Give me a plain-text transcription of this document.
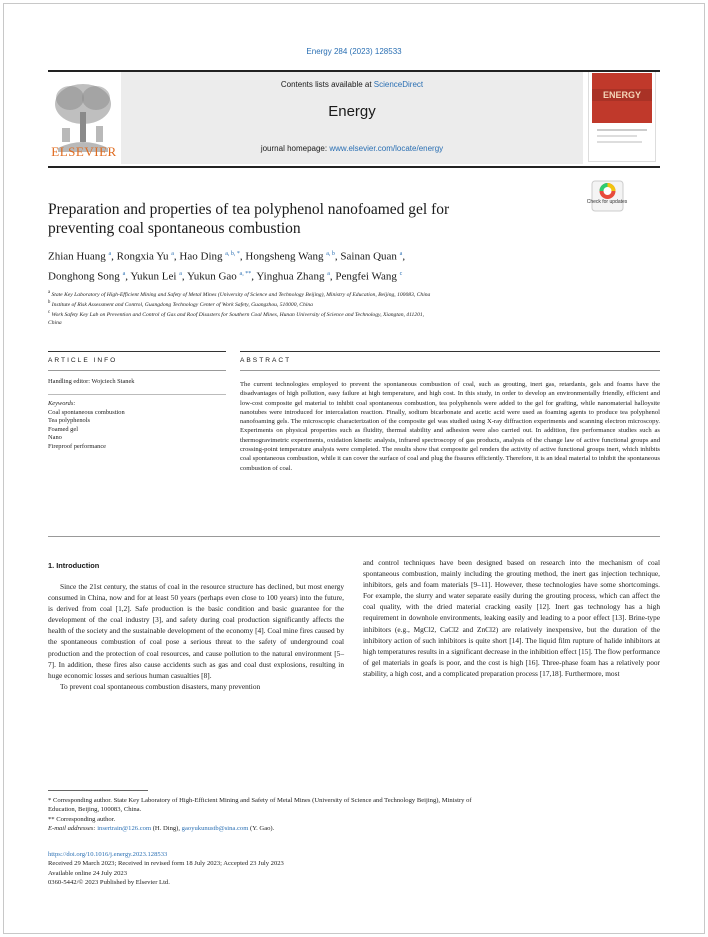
Energy 284 (2023) 128533
ELSEVIER
Contents lists available at ScienceDirect
Energy
journal homepage: www.elsevier.com/locate/energy
ENERGY
Check for updates
Preparation and properties of tea polyphenol nanofoamed gel for
preventing coal spontaneous combustion
Zhian Huang $^a$, Rongxia Yu $^a$, Hao Ding $^{a, b, *}$, Hongsheng Wang $^{a, b}$, Sainan Quan $^a$,
Donghong Song $^a$, Yukun Lei $^a$, Yukun Gao $^{a, **}$, Yinghua Zhang $^a$, Pengfei Wang $^c$
$^a$ State Key Laboratory of High-Efficient Mining and Safety of Metal Mines (University of Science and Technology Beijing), Ministry of Education, Beijing, 100083, China
$^b$ Institute of Risk Assessment and Control, Guangdong Technology Center of Work Safety, Guangzhou, 510000, China
$^c$ Work Safety Key Lab on Prevention and Control of Gas and Roof Disasters for Southern Coal Mines, Hunan University of Science and Technology, Xiangtan, 411201,
China
ARTICLE INFO	ABSTRACT
Handling editor: Wojciech Stanek
Keywords:
Coal spontaneous combustion
Tea polyphenols
Foamed gel
Nano
Fireproof performance
The current technologies employed to prevent the spontaneous combustion of coal, such as grouting, inert gas, retardants, gels and foams have the disadvantages of high pollution, easy failure at high temperature, and high cost. In this study, in order to develop an environmentally friendly, efficient and low-cost composite gel material to inhibit coal spontaneous combustion, tea polyphenols were added to the gel for grafting, while nanomaterial halloysite nanotubes were introduced for intercalation reaction. Finally, sodium bicarbonate and acetic acid were used as foaming agents to produce tea polyphenol nanofoaming gels. The microscopic characterization of the composite gel was studied using X-ray diffraction experiments and scanning electron microscopy. Experiments on physical properties such as fluidity, thermal stability and adhesion were also carried out. In addition, fire performance studies such as thermogravimetric experiments, oxidation kinetic analysis, infrared spectroscopy of gas products, analysis of the change law of active functional groups and crossing-point temperature analysis were completed. The results show that composite gel renders the activity of active functional groups inert, which inhibits coal spontaneous combustion, while it can cover the surface of coal and plug the fissures efficiently. Therefore, it is an ideal material to inhibit the spontaneous combustion of coal.
1. Introduction

Since the 21st century, the status of coal in the resource structure has declined, but most energy consumed in China, now and for at least 50 years (perhaps even close to 100 years) into the future, is derived from coal [1,2]. Safe production is the basic condition and basic guarantee for the development of the coal industry [3], and safety during coal production significantly affects the health of the society and the sustainable development of the economy [4]. Coal mine fires caused by the spontaneous combustion of coal pose a serious threat to the safety of underground coal production and the protection of coal resources, and cause pollution to the natural environment [5–7]. In addition, these fires also cause accidents such as gas and coal dust explosions, resulting in huge economic losses and serious human casualties [8].

To prevent coal spontaneous combustion disasters, many prevention

and control techniques have been designed based on research into the mechanism of coal spontaneous combustion, mainly including the grouting method, the inert gas injection technique, inhibitors, gels and foam materials [9–11]. However, these technologies have some shortcomings. For example, the slurry and water separate easily during the grouting process, which can affect the coal quality, with the dried material cracking easily [12]. Inert gas technology has a high requirement in downhole environments, leaking easily and leading to a poor effect [13]. Brine-type inhibitors (e.g., MgCl2, CaCl2 and ZnCl2) are relatively inexpensive, but the duration of the inhibitory action of such inhibitors is quite short [14]. The liquid film rupture of halide inhibitors at high temperatures results in a significant decrease in the inhibition effect [15]. The flow performance of gel materials in goafs is poor, and the cost is high [16]. Three-phase foam has a relatively poor stability, a high cost, and a complicated preparation process [17,18]. Furthermore, most

* Corresponding author. State Key Laboratory of High-Efficient Mining and Safety of Metal Mines (University of Science and Technology Beijing), Ministry of
Education, Beijing, 100083, China.
** Corresponding author.
E-mail addresses: insertrain@126.com (H. Ding), gaoyukunustb@sina.com (Y. Gao).
https://doi.org/10.1016/j.energy.2023.128533
Received 29 March 2023; Received in revised form 18 July 2023; Accepted 23 July 2023
Available online 24 July 2023
0360-5442/© 2023 Published by Elsevier Ltd.
